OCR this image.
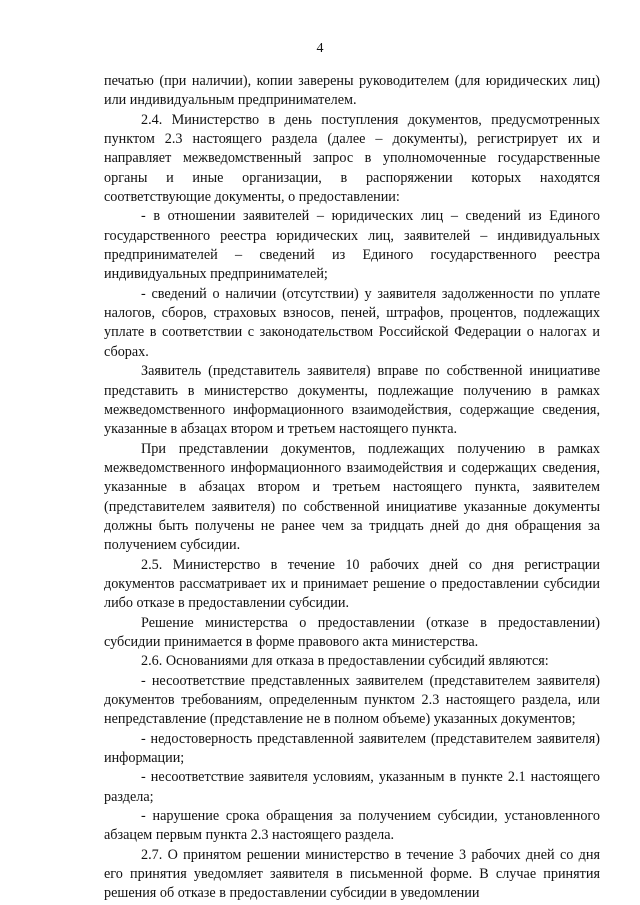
4

печатью (при наличии), копии заверены руководителем (для юридических лиц) или индивидуальным предпринимателем.

2.4. Министерство в день поступления документов, предусмотренных пунктом 2.3 настоящего раздела (далее – документы), регистрирует их и направляет межведомственный запрос в уполномоченные государственные органы и иные организации, в распоряжении которых находятся соответствующие документы, о предоставлении:

- в отношении заявителей – юридических лиц – сведений из Единого государственного реестра юридических лиц, заявителей – индивидуальных предпринимателей – сведений из Единого государственного реестра индивидуальных предпринимателей;

- сведений о наличии (отсутствии) у заявителя задолженности по уплате налогов, сборов, страховых взносов, пеней, штрафов, процентов, подлежащих уплате в соответствии с законодательством Российской Федерации о налогах и сборах.

Заявитель (представитель заявителя) вправе по собственной инициативе представить в министерство документы, подлежащие получению в рамках межведомственного информационного взаимодействия, содержащие сведения, указанные в абзацах втором и третьем настоящего пункта.

При представлении документов, подлежащих получению в рамках межведомственного информационного взаимодействия и содержащих сведения, указанные в абзацах втором и третьем настоящего пункта, заявителем (представителем заявителя) по собственной инициативе указанные документы должны быть получены не ранее чем за тридцать дней до дня обращения за получением субсидии.

2.5. Министерство в течение 10 рабочих дней со дня регистрации документов рассматривает их и принимает решение о предоставлении субсидии либо отказе в предоставлении субсидии.

Решение министерства о предоставлении (отказе в предоставлении) субсидии принимается в форме правового акта министерства.

2.6. Основаниями для отказа в предоставлении субсидий являются:

- несоответствие представленных заявителем (представителем заявителя) документов требованиям, определенным пунктом 2.3 настоящего раздела, или непредставление (представление не в полном объеме) указанных документов;

- недостоверность представленной заявителем (представителем заявителя) информации;

- несоответствие заявителя условиям, указанным в пункте 2.1 настоящего раздела;

- нарушение срока обращения за получением субсидии, установленного абзацем первым пункта 2.3 настоящего раздела.

2.7. О принятом решении министерство в течение 3 рабочих дней со дня его принятия уведомляет заявителя в письменной форме. В случае принятия решения об отказе в предоставлении субсидии в уведомлении
